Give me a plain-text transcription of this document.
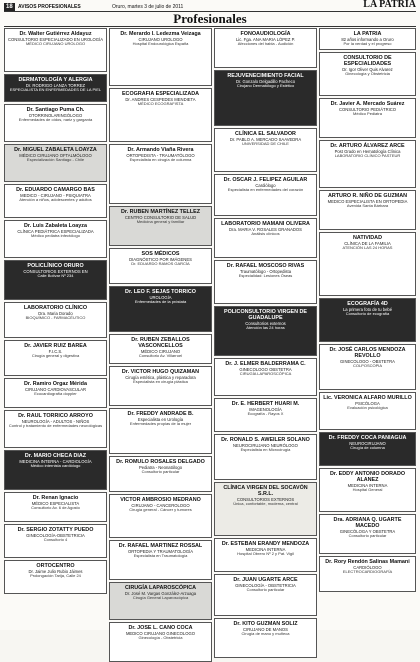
18	AVISOS PROFESIONALES	Oruro, martes 3 de julio de 2011	LA PATRIA
Profesionales
Dr. Walter Gutiérrez Aldayuz
CONSULTORIO ESPECIALIZADO EN UROLOGÍA
MÉDICO CIRUJANO UROLOGO
DERMATOLOGÍA Y ALERGIA
Dr. RODRIGO LANZA TORREZ
ESPECIALISTA EN ENFERMEDADES DE LA PIEL
Dr. Santiago Puma Ch.
OTORRINOLARINGÓLOGO
Enfermedades de oídos, nariz y garganta
Dr. MIGUEL ZABALETA LOAYZA
MÉDICO CIRUJANO OFTALMÓLOGO
Especialización Santiago - Chile
Dr. EDUARDO CAMARGO BAS
MEDICO - CIRUJANO - PSIQUIATRA
Atención a niños, adolescentes y adultos
Dr. Luis Zabaleta Loayza
CLÍNICA PEDIÁTRICA ESPECIALIZADA
Médico pediatra infectólogo
POLICLÍNICO ORURO
CONSULTORIOS EXTERNOS EN
Calle Bolívar Nº 234
LABORATORIO CLÍNICO
Dra. Maria Dorado
BIOQUÍMICO - FARMACÉUTICO
Dr. JAVIER RUIZ BAREA
F.I.C.S.
Cirugía general y digestiva
Dr. Ramiro Orgaz Mérida
CIRUJANO CARDIOVASCULAR
Ecocardiografía doppler
Dr. RAUL TORRICO ARROYO
NEUROLOGÍA - ADULTOS - NIÑOS
Control y tratamiento de enfermedades neurológicas
Dr. MARIO CHECA DIAZ
MEDICINA INTERNA - CARDIOLOGÍA
Médico internista cardiólogo
Dr. Renan Ignacio
MÉDICO ESPECIALISTA
Consultorio Av. 6 de Agosto
Dr. SERGIO ZOTATTY PUEDO
GINECOLOGÍA-OBSTETRICIA
Consultorio 4
ORTOCENTRO
Dr. Jaime Julio Rubio Jáimes
Prolongación Tarija, Calle 24
Dr. Merardo I. Ledezma Veizaga
CIRUJANO UROLOGO
Hospital Endourológica España
ECOGRAFIA ESPECIALIZADA
Dr. ANDRES CESPEDES MENDIETA
MÉDICO ECOGRAFISTA
Dr. Armando Viaña Rivera
ORTOPEDISTA - TRAUMATÓLOGO
Especialista en cirugía de columna
Dr. RUBEN MARTÍNEZ TELLEZ
CENTRO CONSULTORIO DE SALUD
Medicina general y familiar
SOS MÉDICOS
DIAGNÓSTICO POR IMÁGENES
Dr. EDUARDO RAMOS GARCÍA
Dr. LEO F. SEJAS TORRICO
UROLOGÍA
Enfermedades de la próstata
Dr. RUBEN ZEBALLOS VASCONCELLOS
MÉDICO CIRUJANO
Consultorio Av. Villarroel
Dr. VICTOR HUGO QUIZAMAN
Cirugía estética, plástica y reparadora
Especialista en cirugía plástica
Dr. FREDDY ANDRADE B.
Especialista en Urología
Enfermedades propias de la mujer
Dr. ROMULO ROSALES DELGADO
Pediatra - Neonatólogo
Consultorio particular
VICTOR AMBROSIO MEDRANO
CIRUJANO - CANCEROLOGO
Cirugía general - Cáncer y tumores
Dr. RAFAEL MARTINEZ ROSSAL
ORTOPEDIA Y TRAUMATOLOGÍA
Especialista en Traumatología
CIRUGÍA LAPAROSCÓPICA
Dr. José M. Vargas González-Arzuaga
Cirugía General Laparoscópica
Dr. JOSE L. CANO COCA
MEDICO CIRUJANO GINECOLOGO
Ginecología - Obstetricia
FONOAUDIOLOGÍA
Lic. Fga. ANA MARIA LÓPEZ P.
Afecciones del habla - Audición
REJUVENECIMIENTO FACIAL
Dr. Gonzalo Delgadillo Pacheco
Cirujano Dermatólogo y Estético
CLÍNICA EL SALVADOR
Dr. PABLO A. MERCADO SAAVEDRA
UNIVERSIDAD DE CHILE
Dr. OSCAR J. FELIPEZ AGUILAR
Cardiólogo
Especialista en enfermedades del corazón
LABORATORIO MAMANI OLIVERA
Dra. MARIA V. ROSALES GRANADOS
Análisis clínicos
Dr. RAFAEL MOSCOSO RIVAS
Traumatólogo - Ortopedista
Especialidad: Lesiones Óseas
POLICONSULTORIO VIRGEN DE GUADALUPE
Consultorios externos
Atención las 24 horas
Dr. J. ELMER BALDERRAMA C.
GINECOLOGO OBSTETRA
CIRUGÍA LAPAROSCÓPICA
Dr. E. HERBERT HUARI M.
IMAGENOLOGÍA
Ecografía - Rayos X
Dr. RONALD S. AWEILER SOLANO
NEUROCIRUJANO NEURÓLOGO
Especialista en Microcirugía
CLÍNICA VIRGEN DEL SOCAVÓN S.R.L.
CONSULTORIOS EXTERNOS
Única, confortable, moderna, central
Dr. ESTEBAN ERANDY MENDOZA
MEDICINA INTERNA
Hospital Obrero Nº 2 y Pat. Vigil
Dr. JUAN UGARTE ARCE
GINECOLOGÍA - OBSTETRICIA
Consultorio particular
Dr. KITO GUZMAN SOLIZ
CIRUJANO DE MANOS
Cirugía de mano y muñeca
LA PATRIA
82 años informando a Oruro
Por la verdad y el progreso
CONSULTORIO DE ESPECIALIDADES
Dr. Igor Oliver Quis Alvarez
Ginecología y Obstetricia
Dr. Javier A. Mercado Suárez
CONSULTORIO PEDIÁTRICO
Médico Pediatra
Dr. ARTURO ÁLVAREZ ARCE
Post Grado en Hematología Clínica
LABORATORIO CLÍNICO PASTEUR
ARTURO R. NIÑO DE GUZMAN
MEDICO ESPECIALISTA EN ORTOPEDIA
Avenida Santa Bárbara
NATIVIDAD
CLÍNICA DE LA FAMILIA
ATENCIÓN LAS 24 HORAS
ECOGRAFÍA 4D
La primera foto de tu bebé
Consultorio de ecografía
Dr. JOSÉ CARLOS MENDOZA REVOLLO
GINECOLOGO - OBSTETRA
COLPOSCOPIA
Lic. VERONICA ALFARO MURILLO
PSICÓLOGA
Evaluación psicológica
Dr. FREDDY COCA PANIAGUA
NEUROCIRUJANO
Cirugía de columna
Dr. EDDY ANTONIO DORADO ALANEZ
MEDICINA INTERNA
Hospital General
Dra. ADRIANA Q. UGARTE MACEDO
GINECÓLOGA Y OBSTETRA
Consultorio particular
Dr. Rory Rendón Salinas Mamani
CARDIÓLOGO
ELECTROCARDIOGRAFÍA
